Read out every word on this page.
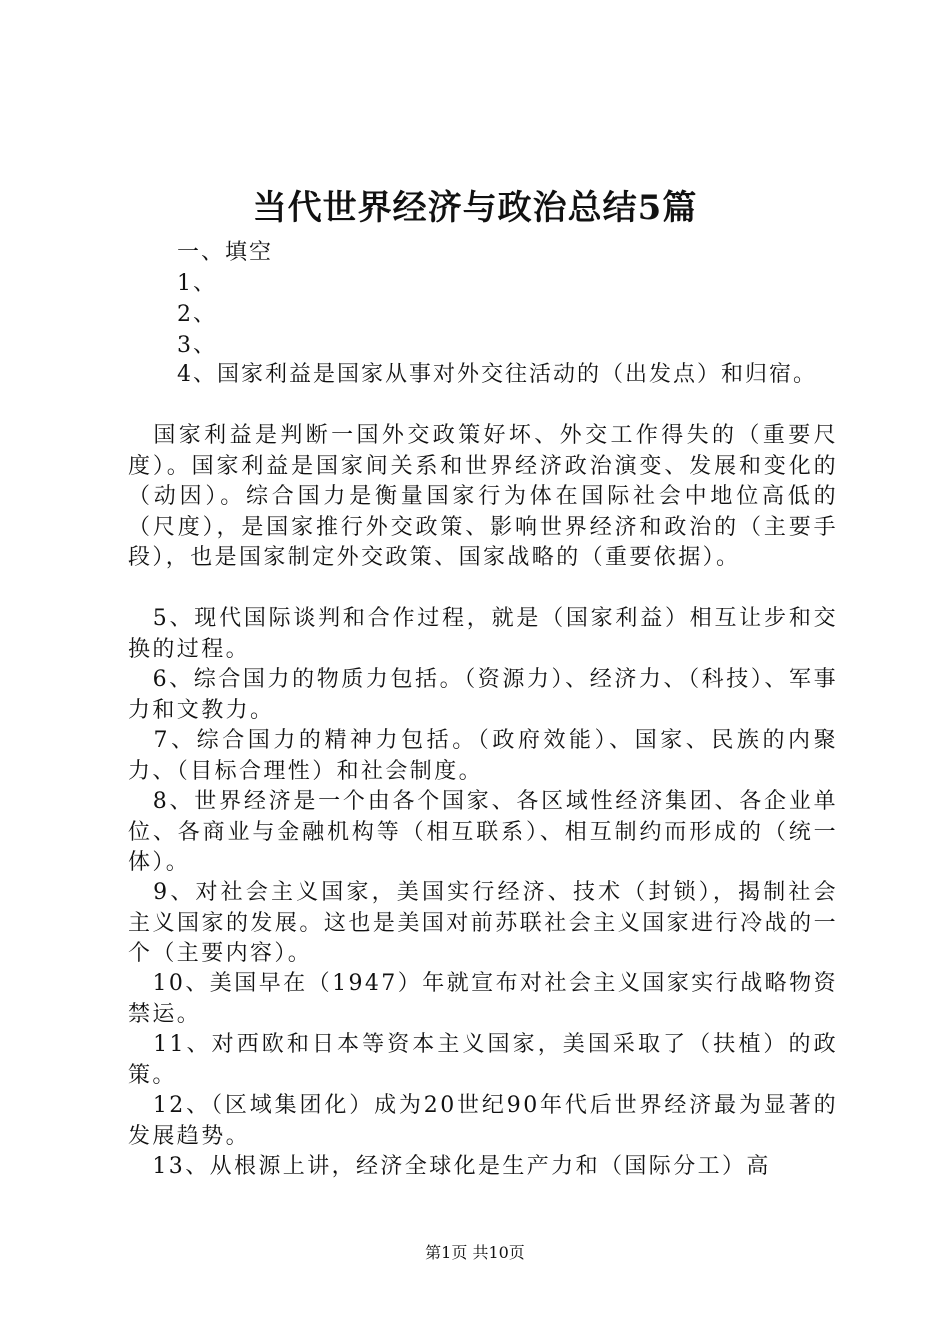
当代世界经济与政治总结5篇
一、填空
1、
2、
3、
4、国家利益是国家从事对外交往活动的（出发点）和归宿。
　国家利益是判断一国外交政策好坏、外交工作得失的（重要尺度）。国家利益是国家间关系和世界经济政治演变、发展和变化的（动因）。综合国力是衡量国家行为体在国际社会中地位高低的（尺度），是国家推行外交政策、影响世界经济和政治的（主要手段），也是国家制定外交政策、国家战略的（重要依据）。
　5、现代国际谈判和合作过程，就是（国家利益）相互让步和交换的过程。
　6、综合国力的物质力包括。（资源力）、经济力、（科技）、军事力和文教力。
　7、综合国力的精神力包括。（政府效能）、国家、民族的内聚力、（目标合理性）和社会制度。
　8、世界经济是一个由各个国家、各区域性经济集团、各企业单位、各商业与金融机构等（相互联系）、相互制约而形成的（统一体）。
　9、对社会主义国家，美国实行经济、技术（封锁），揭制社会主义国家的发展。这也是美国对前苏联社会主义国家进行冷战的一个（主要内容）。
　10、美国早在（1947）年就宣布对社会主义国家实行战略物资禁运。
　11、对西欧和日本等资本主义国家，美国采取了（扶植）的政策。
　12、（区域集团化）成为20世纪90年代后世界经济最为显著的发展趋势。
　13、从根源上讲，经济全球化是生产力和（国际分工）高
第1页 共10页
